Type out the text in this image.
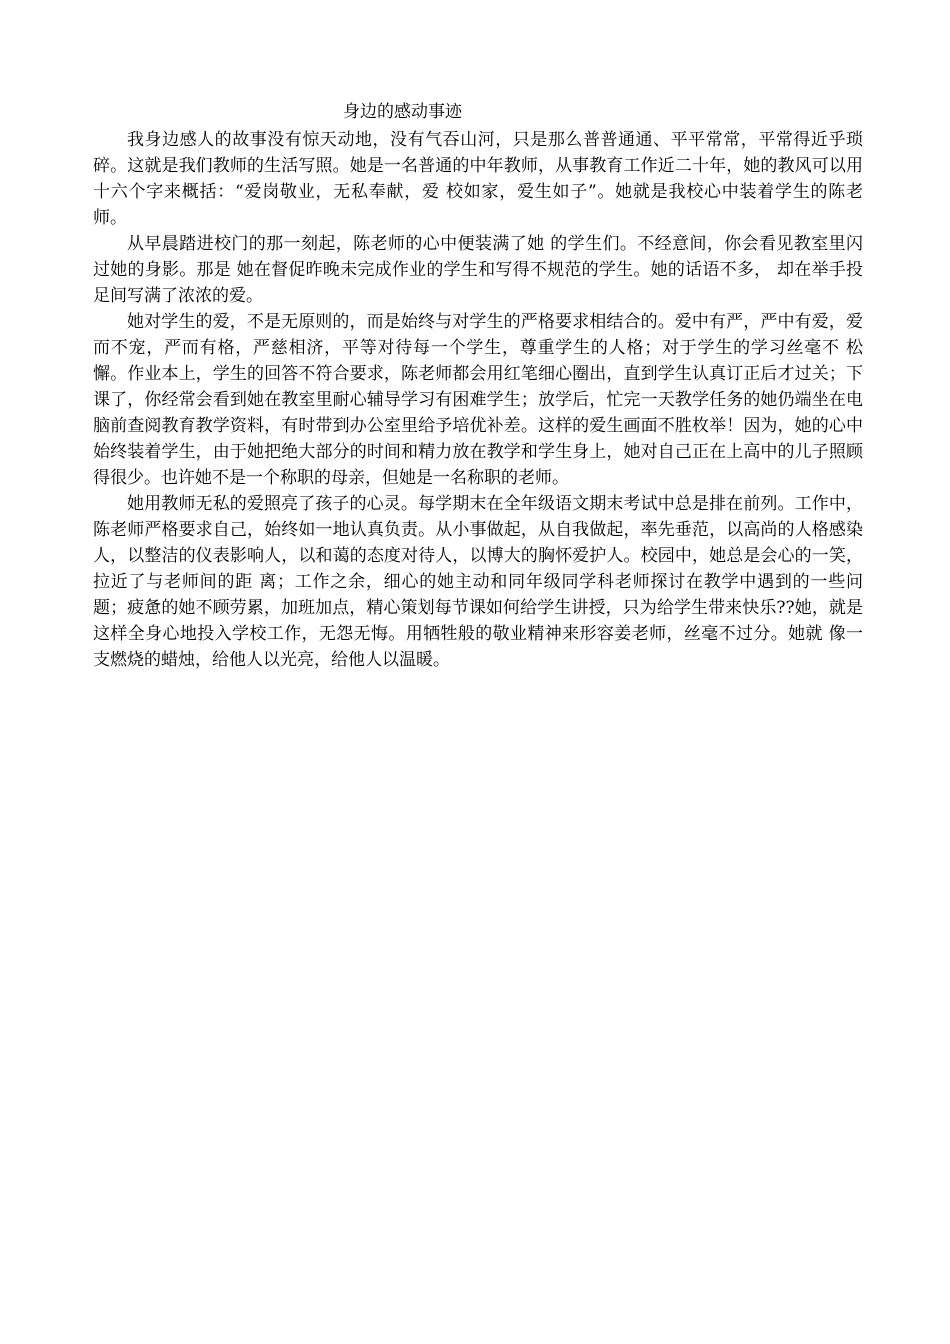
身边的感动事迹

我身边感人的故事没有惊天动地，没有气吞山河，只是那么普普通通、平平常常，平常得近乎琐碎。这就是我们教师的生活写照。她是一名普通的中年教师，从事教育工作近二十年，她的教风可以用十六个字来概括：“爱岗敬业，无私奉献，爱 校如家，爱生如子”。她就是我校心中装着学生的陈老师。

从早晨踏进校门的那一刻起，陈老师的心中便装满了她 的学生们。不经意间，你会看见教室里闪过她的身影。那是 她在督促昨晚未完成作业的学生和写得不规范的学生。她的话语不多， 却在举手投足间写满了浓浓的爱。

她对学生的爱，不是无原则的，而是始终与对学生的严格要求相结合的。爱中有严，严中有爱，爱而不宠，严而有格，严慈相济，平等对待每一个学生，尊重学生的人格；对于学生的学习丝毫不 松懈。作业本上，学生的回答不符合要求，陈老师都会用红笔细心圈出，直到学生认真订正后才过关；下课了，你经常会看到她在教室里耐心辅导学习有困难学生；放学后，忙完一天教学任务的她仍端坐在电脑前查阅教育教学资料，有时带到办公室里给予培优补差。这样的爱生画面不胜枚举！因为，她的心中始终装着学生，由于她把绝大部分的时间和精力放在教学和学生身上，她对自己正在上高中的儿子照顾得很少。也许她不是一个称职的母亲，但她是一名称职的老师。

她用教师无私的爱照亮了孩子的心灵。每学期末在全年级语文期末考试中总是排在前列。工作中，陈老师严格要求自己，始终如一地认真负责。从小事做起，从自我做起，率先垂范，以高尚的人格感染人，以整洁的仪表影响人，以和蔼的态度对待人，以博大的胸怀爱护人。校园中，她总是会心的一笑，拉近了与老师间的距 离；工作之余，细心的她主动和同年级同学科老师探讨在教学中遇到的一些问题；疲惫的她不顾劳累，加班加点，精心策划每节课如何给学生讲授，只为给学生带来快乐??她，就是这样全身心地投入学校工作，无怨无悔。用牺牲般的敬业精神来形容姜老师，丝毫不过分。她就 像一支燃烧的蜡烛，给他人以光亮，给他人以温暖。
